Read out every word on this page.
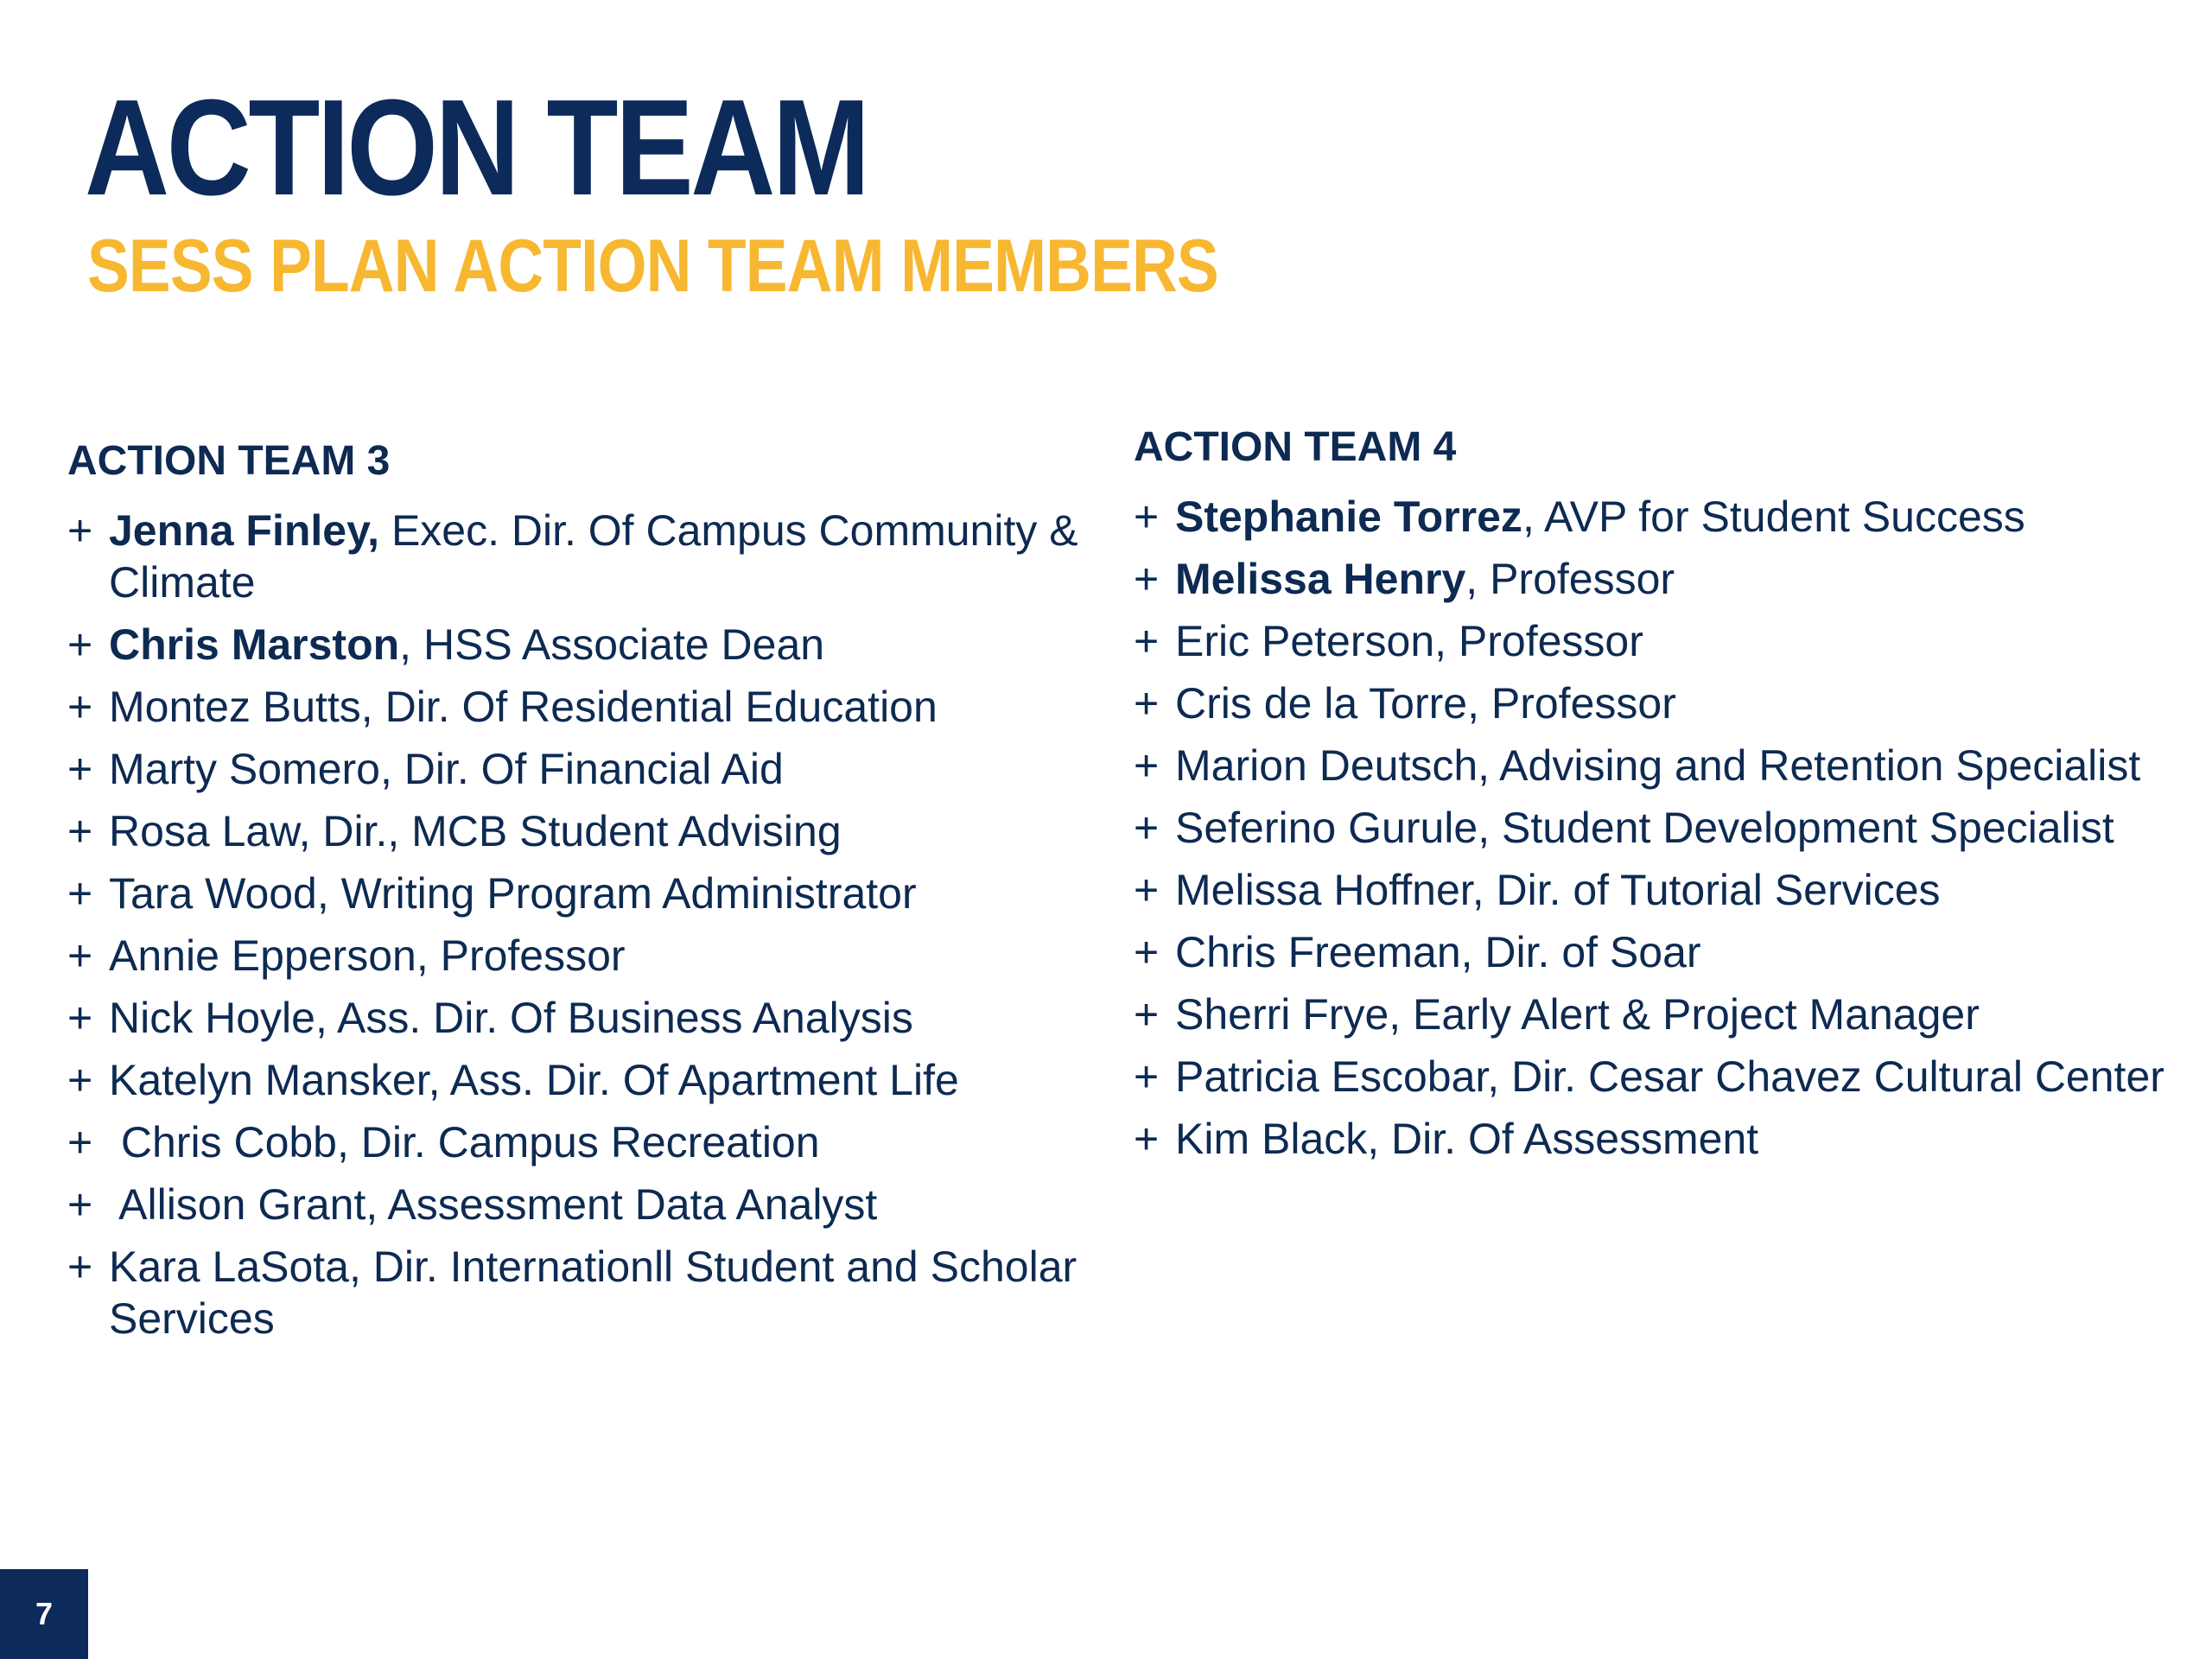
ACTION TEAM
SESS PLAN ACTION TEAM MEMBERS
ACTION TEAM 3
+ Jenna Finley, Exec. Dir. Of Campus Community & Climate
+ Chris Marston, HSS Associate Dean
+ Montez Butts, Dir. Of Residential Education
+ Marty Somero, Dir. Of Financial Aid
+ Rosa Law, Dir., MCB Student Advising
+ Tara Wood, Writing Program Administrator
+ Annie Epperson, Professor
+ Nick Hoyle, Ass. Dir. Of Business Analysis
+ Katelyn Mansker, Ass. Dir. Of Apartment Life
+ Chris Cobb, Dir. Campus Recreation
+ Allison Grant, Assessment Data Analyst
+ Kara LaSota, Dir. Internationll Student and Scholar Services
ACTION TEAM 4
+ Stephanie Torrez, AVP for Student Success
+ Melissa Henry, Professor
+ Eric Peterson, Professor
+ Cris de la Torre, Professor
+ Marion Deutsch, Advising and Retention Specialist
+ Seferino Gurule, Student Development Specialist
+ Melissa Hoffner, Dir. of Tutorial Services
+ Chris Freeman, Dir. of Soar
+ Sherri Frye, Early Alert & Project Manager
+ Patricia Escobar, Dir. Cesar Chavez Cultural Center
+ Kim Black, Dir. Of Assessment
7
